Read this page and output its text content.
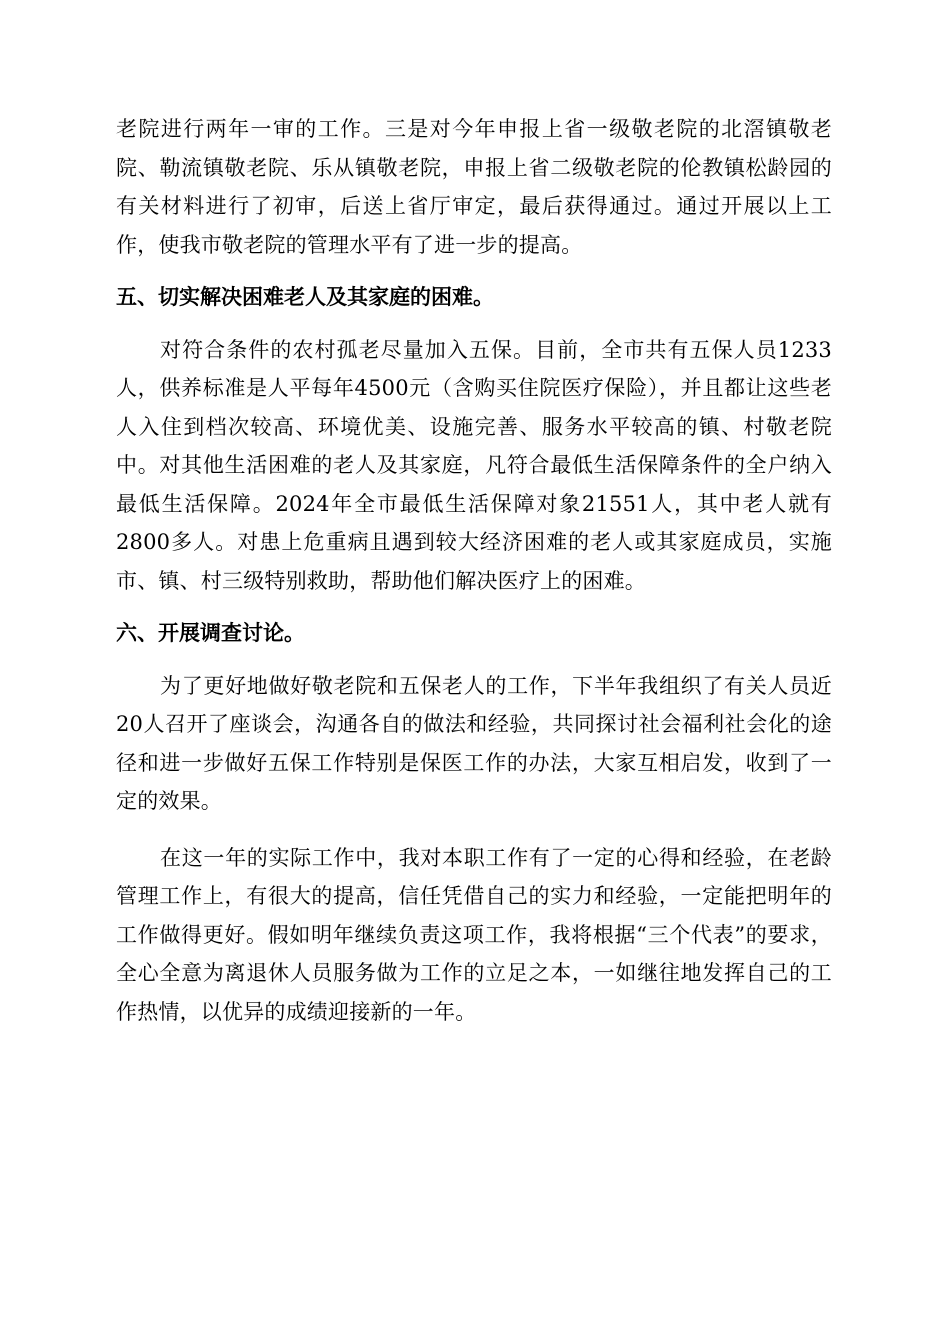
老院进行两年一审的工作。三是对今年申报上省一级敬老院的北滘镇敬老院、勒流镇敬老院、乐从镇敬老院，申报上省二级敬老院的伦教镇松龄园的有关材料进行了初审，后送上省厅审定，最后获得通过。通过开展以上工作，使我市敬老院的管理水平有了进一步的提高。

五、切实解决困难老人及其家庭的困难。

对符合条件的农村孤老尽量加入五保。目前，全市共有五保人员1233人，供养标准是人平每年4500元（含购买住院医疗保险），并且都让这些老人入住到档次较高、环境优美、设施完善、服务水平较高的镇、村敬老院中。对其他生活困难的老人及其家庭，凡符合最低生活保障条件的全户纳入最低生活保障。2024年全市最低生活保障对象21551人，其中老人就有2800多人。对患上危重病且遇到较大经济困难的老人或其家庭成员，实施市、镇、村三级特别救助，帮助他们解决医疗上的困难。

六、开展调查讨论。

为了更好地做好敬老院和五保老人的工作，下半年我组织了有关人员近20人召开了座谈会，沟通各自的做法和经验，共同探讨社会福利社会化的途径和进一步做好五保工作特别是保医工作的办法，大家互相启发，收到了一定的效果。

在这一年的实际工作中，我对本职工作有了一定的心得和经验，在老龄管理工作上，有很大的提高，信任凭借自己的实力和经验，一定能把明年的工作做得更好。假如明年继续负责这项工作，我将根据“三个代表”的要求，全心全意为离退休人员服务做为工作的立足之本，一如继往地发挥自己的工作热情，以优异的成绩迎接新的一年。
